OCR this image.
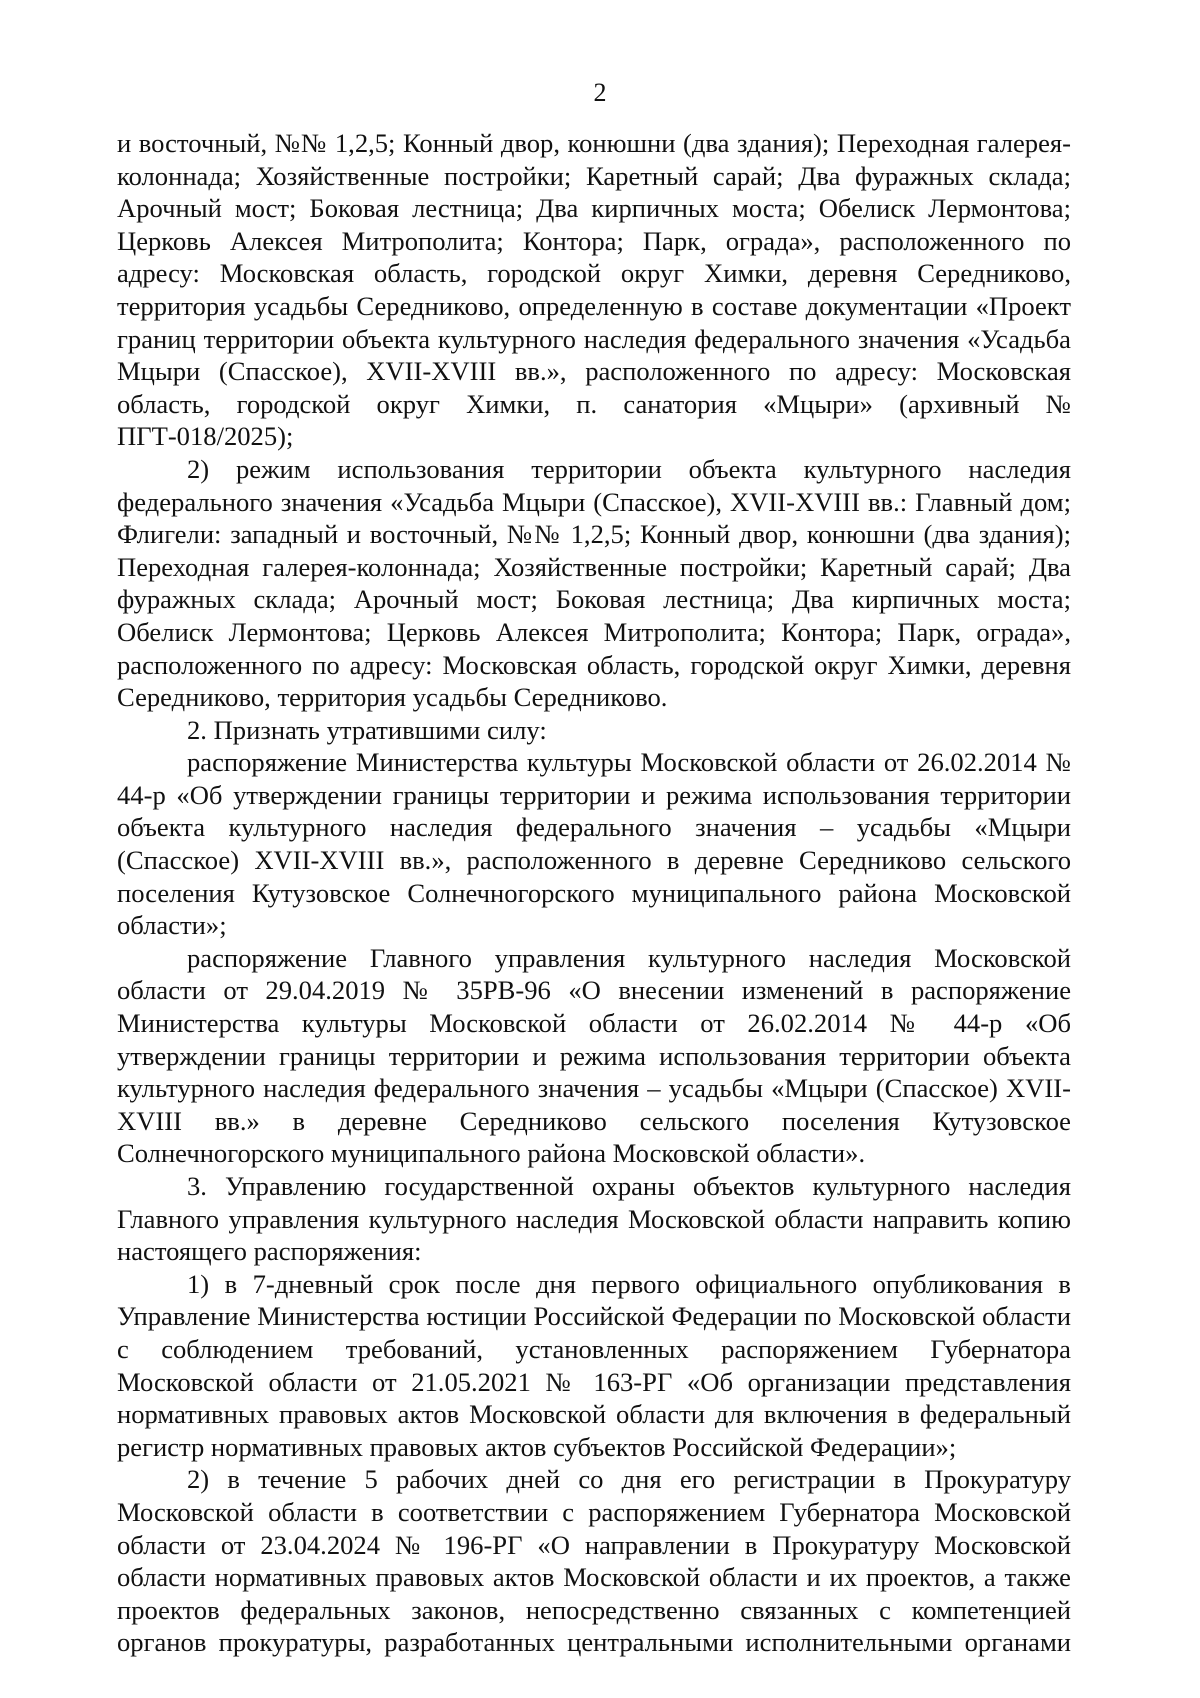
2

и восточный, №№ 1,2,5; Конный двор, конюшни (два здания); Переходная галерея-колоннада; Хозяйственные постройки; Каретный сарай; Два фуражных склада; Арочный мост; Боковая лестница; Два кирпичных моста; Обелиск Лермонтова; Церковь Алексея Митрополита; Контора; Парк, ограда», расположенного по адресу: Московская область, городской округ Химки, деревня Середниково, территория усадьбы Середниково, определенную в составе документации «Проект границ территории объекта культурного наследия федерального значения «Усадьба Мцыри (Спасское), XVII-XVIII вв.», расположенного по адресу: Московская область, городской округ Химки, п. санатория «Мцыри» (архивный № ПГТ-018/2025);

2) режим использования территории объекта культурного наследия федерального значения «Усадьба Мцыри (Спасское), XVII-XVIII вв.: Главный дом; Флигели: западный и восточный, №№ 1,2,5; Конный двор, конюшни (два здания); Переходная галерея-колоннада; Хозяйственные постройки; Каретный сарай; Два фуражных склада; Арочный мост; Боковая лестница; Два кирпичных моста; Обелиск Лермонтова; Церковь Алексея Митрополита; Контора; Парк, ограда», расположенного по адресу: Московская область, городской округ Химки, деревня Середниково, территория усадьбы Середниково.

2. Признать утратившими силу:

распоряжение Министерства культуры Московской области от 26.02.2014 № 44-р «Об утверждении границы территории и режима использования территории объекта культурного наследия федерального значения – усадьбы «Мцыри (Спасское) XVII-XVIII вв.», расположенного в деревне Середниково сельского поселения Кутузовское Солнечногорского муниципального района Московской области»;

распоряжение Главного управления культурного наследия Московской области от 29.04.2019 № 35РВ-96 «О внесении изменений в распоряжение Министерства культуры Московской области от 26.02.2014 № 44-р «Об утверждении границы территории и режима использования территории объекта культурного наследия федерального значения – усадьбы «Мцыри (Спасское) XVII-XVIII вв.» в деревне Середниково сельского поселения Кутузовское Солнечногорского муниципального района Московской области».

3. Управлению государственной охраны объектов культурного наследия Главного управления культурного наследия Московской области направить копию настоящего распоряжения:

1) в 7-дневный срок после дня первого официального опубликования в Управление Министерства юстиции Российской Федерации по Московской области с соблюдением требований, установленных распоряжением Губернатора Московской области от 21.05.2021 № 163-РГ «Об организации представления нормативных правовых актов Московской области для включения в федеральный регистр нормативных правовых актов субъектов Российской Федерации»;

2) в течение 5 рабочих дней со дня его регистрации в Прокуратуру Московской области в соответствии с распоряжением Губернатора Московской области от 23.04.2024 № 196-РГ «О направлении в Прокуратуру Московской области нормативных правовых актов Московской области и их проектов, а также проектов федеральных законов, непосредственно связанных с компетенцией органов прокуратуры, разработанных центральными исполнительными органами
